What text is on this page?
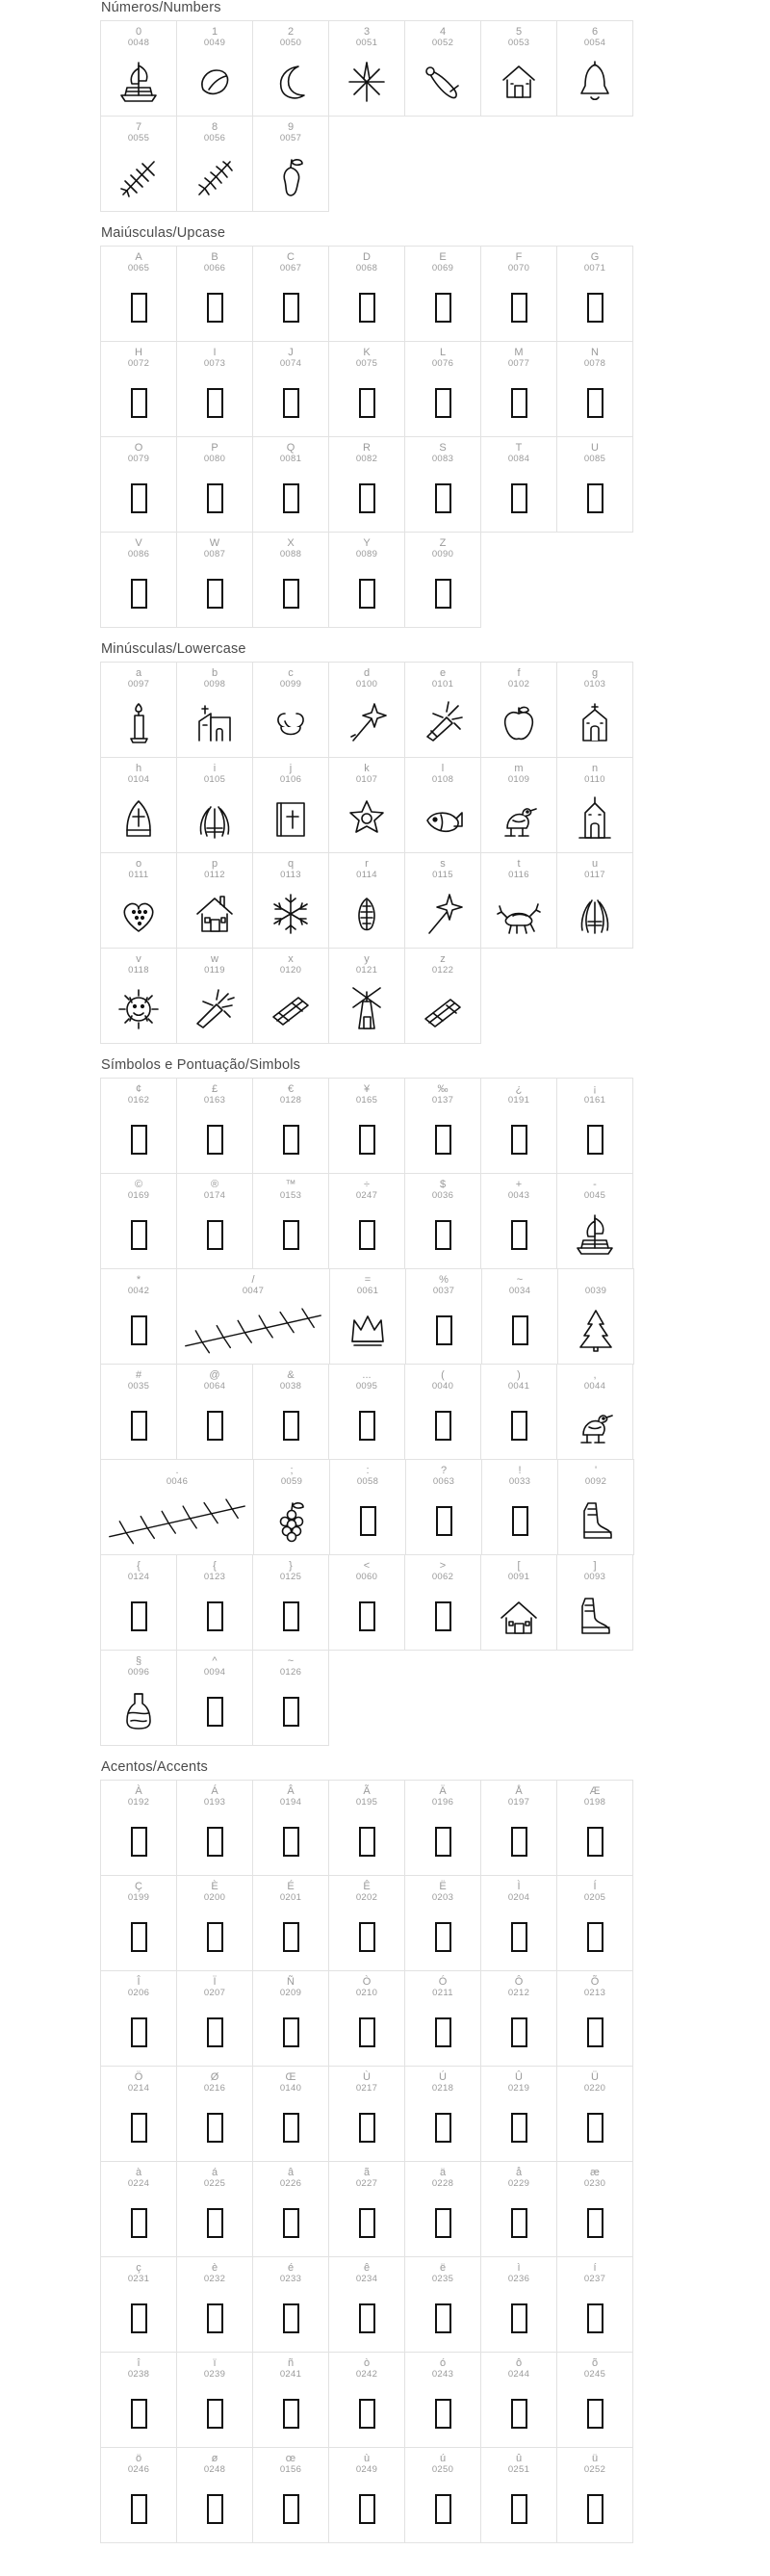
Números/Numbers
0
0048
1
0049
2
0050
3
0051
4
0052
5
0053
6
0054
7
0055
8
0056
9
0057
Maiúsculas/Upcase
A
0065
B
0066
C
0067
D
0068
E
0069
F
0070
G
0071
H
0072
I
0073
J
0074
K
0075
L
0076
M
0077
N
0078
O
0079
P
0080
Q
0081
R
0082
S
0083
T
0084
U
0085
V
0086
W
0087
X
0088
Y
0089
Z
0090
Minúsculas/Lowercase
a
0097
b
0098
c
0099
d
0100
e
0101
f
0102
g
0103
h
0104
i
0105
j
0106
k
0107
l
0108
m
0109
n
0110
o
0111
p
0112
q
0113
r
0114
s
0115
t
0116
u
0117
v
0118
w
0119
x
0120
y
0121
z
0122
Símbolos e Pontuação/Simbols
¢
0162
£
0163
€
0128
¥
0165
‰
0137
¿
0191
¡
0161
©
0169
®
0174
™
0153
÷
0247
$
0036
+
0043
-
0045
*
0042
/
0047
=
0061
%
0037
~
0034	0039
#
0035
@
0064
&
0038
...
0095
(
0040
)
0041
,
0044
.
0046
;
0059
:
0058
?
0063
!
0033
'
0092
{
0124
{
0123
}
0125
<
0060
>
0062
[
0091
]
0093
§
0096
^
0094
~
0126
Acentos/Accents
À
0192
Á
0193
Â
0194
Ã
0195
Ä
0196
Å
0197
Æ
0198
Ç
0199
È
0200
É
0201
Ê
0202
Ë
0203
Ì
0204
Í
0205
Î
0206
Ï
0207
Ñ
0209
Ò
0210
Ó
0211
Ô
0212
Õ
0213
Ö
0214
Ø
0216
Œ
0140
Ù
0217
Ú
0218
Û
0219
Ü
0220
à
0224
á
0225
â
0226
ã
0227
ä
0228
å
0229
æ
0230
ç
0231
è
0232
é
0233
ê
0234
ë
0235
ì
0236
í
0237
î
0238
ï
0239
ñ
0241
ò
0242
ó
0243
ô
0244
õ
0245
ö
0246
ø
0248
œ
0156
ù
0249
ú
0250
û
0251
ü
0252
